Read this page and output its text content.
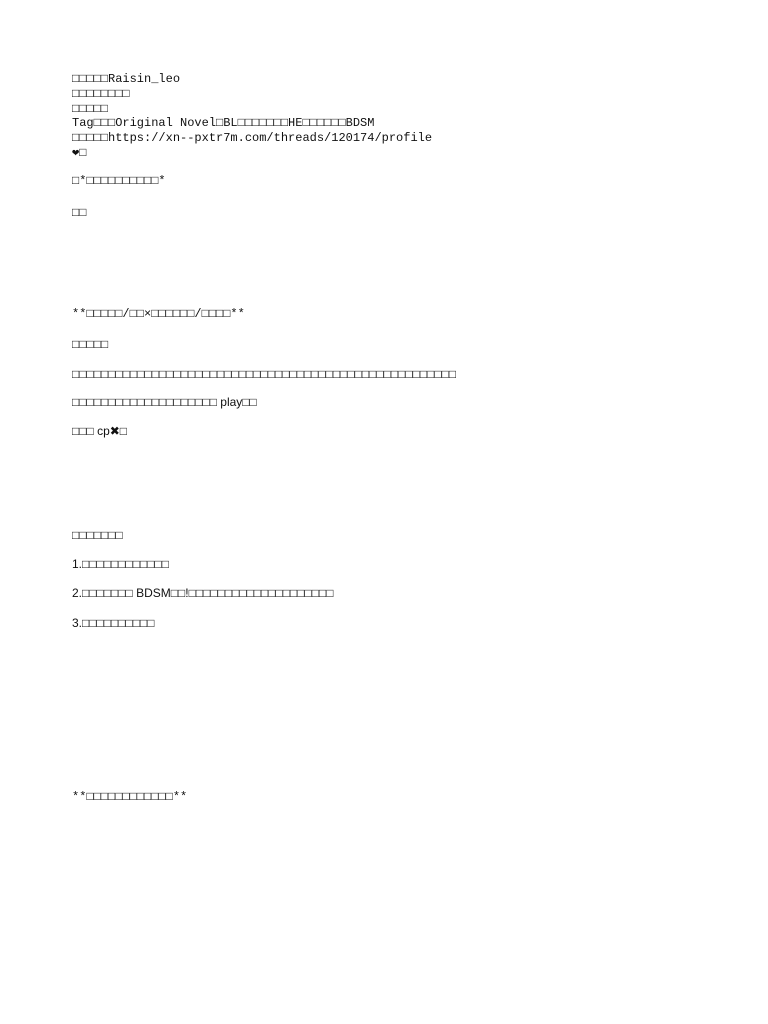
□□□□□Raisin_leo
□□□□□□□□
□□□□□
Tag□□□Original Novel□BL□□□□□□□HE□□□□□□BDSM
□□□□□https://xn--pxtr7m.com/threads/120174/profile
❤□
□*□□□□□□□□□□*
□□
**□□□□□/□□×□□□□□□/□□□□**
□□□□□
□□□□□□□□□□□□□□□□□□□□□□□□□□□□□□□□□□□□□□□□□□□□□□□□□□□□□
□□□□□□□□□□□□□□□□□□□□ play□□
□□□ cp✖□
□□□□□□□
1.□□□□□□□□□□□□
2.□□□□□□□ BDSM□□!□□□□□□□□□□□□□□□□□□□□
3.□□□□□□□□□□
**□□□□□□□□□□□□**
